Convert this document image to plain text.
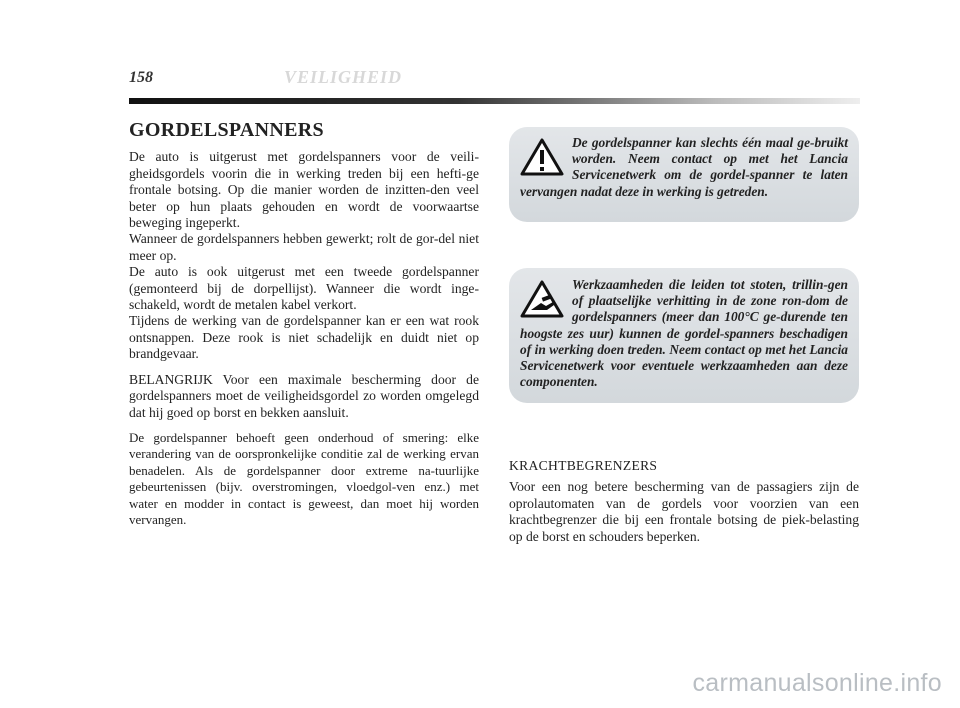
158	VEILIGHEID
GORDELSPANNERS

De auto is uitgerust met gordelspanners voor de veili-gheidsgordels voorin die in werking treden bij een hefti-ge frontale botsing. Op die manier worden de inzitten-den veel beter op hun plaats gehouden en wordt de voorwaartse beweging ingeperkt.

Wanneer de gordelspanners hebben gewerkt; rolt de gor-del niet meer op.

De auto is ook uitgerust met een tweede gordelspanner (gemonteerd bij de dorpellijst). Wanneer die wordt inge-schakeld, wordt de metalen kabel verkort.

Tijdens de werking van de gordelspanner kan er een wat rook ontsnappen. Deze rook is niet schadelijk en duidt niet op brandgevaar.

BELANGRIJK Voor een maximale bescherming door de gordelspanners moet de veiligheidsgordel zo worden omgelegd dat hij goed op borst en bekken aansluit.

De gordelspanner behoeft geen onderhoud of smering: elke verandering van de oorspronkelijke conditie zal de werking ervan benadelen. Als de gordelspanner door extreme na-tuurlijke gebeurtenissen (bijv. overstromingen, vloedgol-ven enz.) met water en modder in contact is geweest, dan moet hij worden vervangen.

De gordelspanner kan slechts één maal ge-bruikt worden. Neem contact op met het Lancia Servicenetwerk om de gordel-spanner te laten vervangen nadat deze in werking is getreden.
Werkzaamheden die leiden tot stoten, trillin-gen of plaatselijke verhitting in de zone ron-dom de gordelspanners (meer dan 100°C ge-durende ten hoogste zes uur) kunnen de gordel-spanners beschadigen of in werking doen treden. Neem contact op met het Lancia Servicenetwerk voor eventuele werkzaamheden aan deze componenten.
KRACHTBEGRENZERS

Voor een nog betere bescherming van de passagiers zijn de oprolautomaten van de gordels voor voorzien van een krachtbegrenzer die bij een frontale botsing de piek-belasting op de borst en schouders beperken.

carmanualsonline.info
